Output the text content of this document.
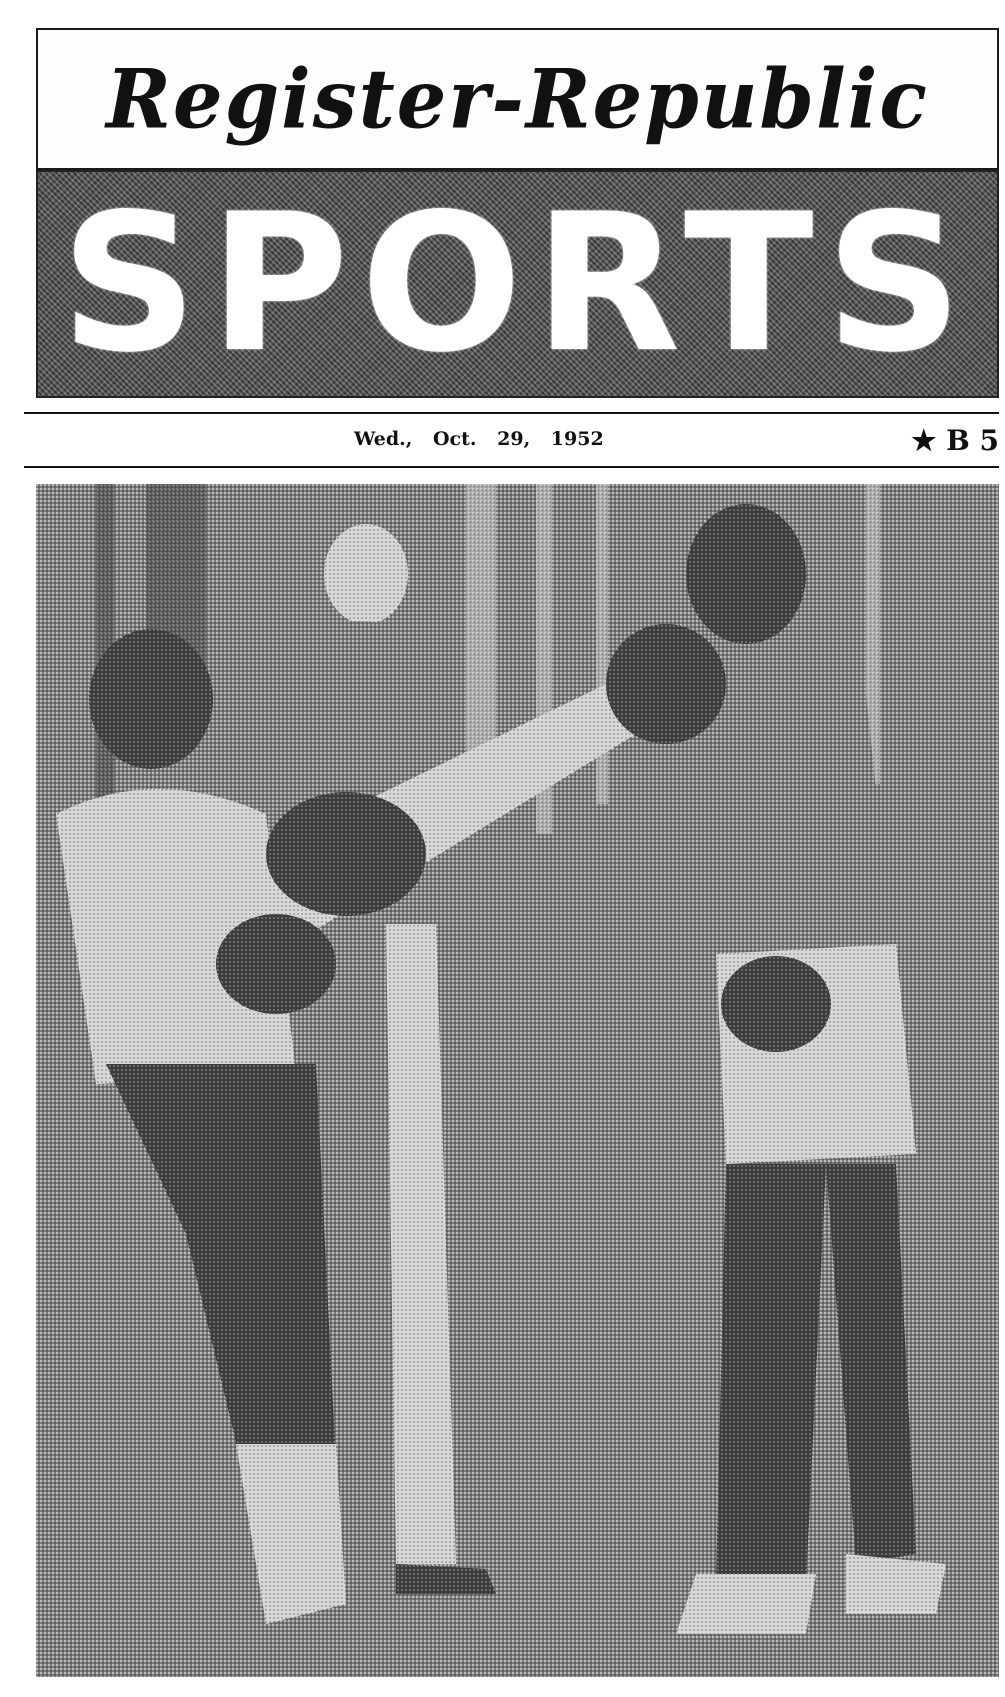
Register-Republic
SPORTS
Wed., Oct. 29, 1952	★ B 5
